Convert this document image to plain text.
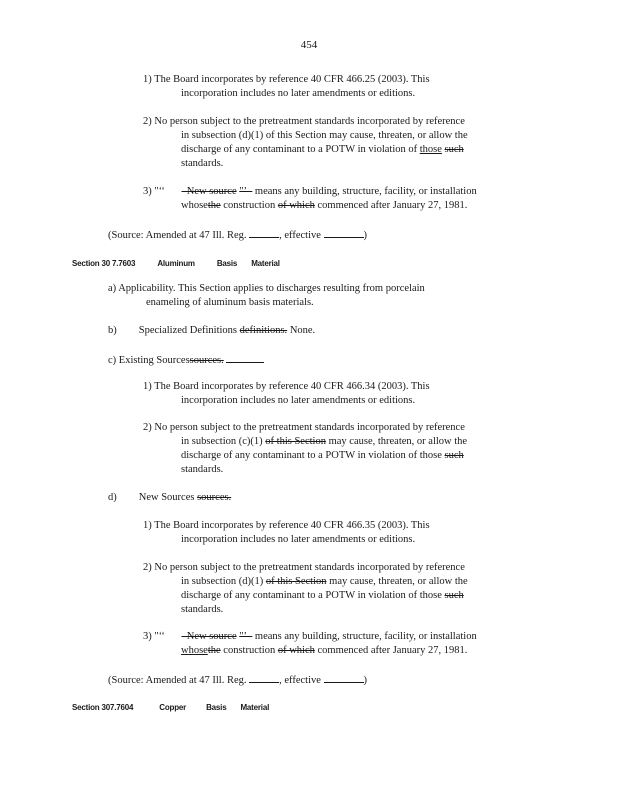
454
1) The Board incorporates by reference 40 CFR 466.25 (2003). This
incorporation includes no later amendments or editions.
2) No person subject to the pretreatment standards incorporated by reference
in subsection (d)(1) of this Section may cause, threaten, or allow the
discharge of any contaminant to a POTW in violation of those such
standards.
3) "‘‘ –New source "’– means any building, structure, facility, or installation
whosethe construction of which commenced after January 27, 1981.
(Source: Amended at 47 Ill. Reg.	, effective	)
Section 30 7.7603	Aluminum	Basis Material
a) Applicability. This Section applies to discharges resulting from porcelain
enameling of aluminum basis materials.
b) Specialized Definitions definitions. None.
c) Existing Sourcessources.
1) The Board incorporates by reference 40 CFR 466.34 (2003). This
incorporation includes no later amendments or editions.
2) No person subject to the pretreatment standards incorporated by reference
in subsection (c)(1) of this Section may cause, threaten, or allow the
discharge of any contaminant to a POTW in violation of those such
standards.
d) New Sources sources.
1) The Board incorporates by reference 40 CFR 466.35 (2003). This
incorporation includes no later amendments or editions.
2) No person subject to the pretreatment standards incorporated by reference
in subsection (d)(1) of this Section may cause, threaten, or allow the
discharge of any contaminant to a POTW in violation of those such
standards.
3) "‘‘ –New source "’– means any building, structure, facility, or installation
whosethe construction of which commenced after January 27, 1981.
(Source: Amended at 47 Ill. Reg.	, effective	)
Section 307.7604	Copper	Basis Material
